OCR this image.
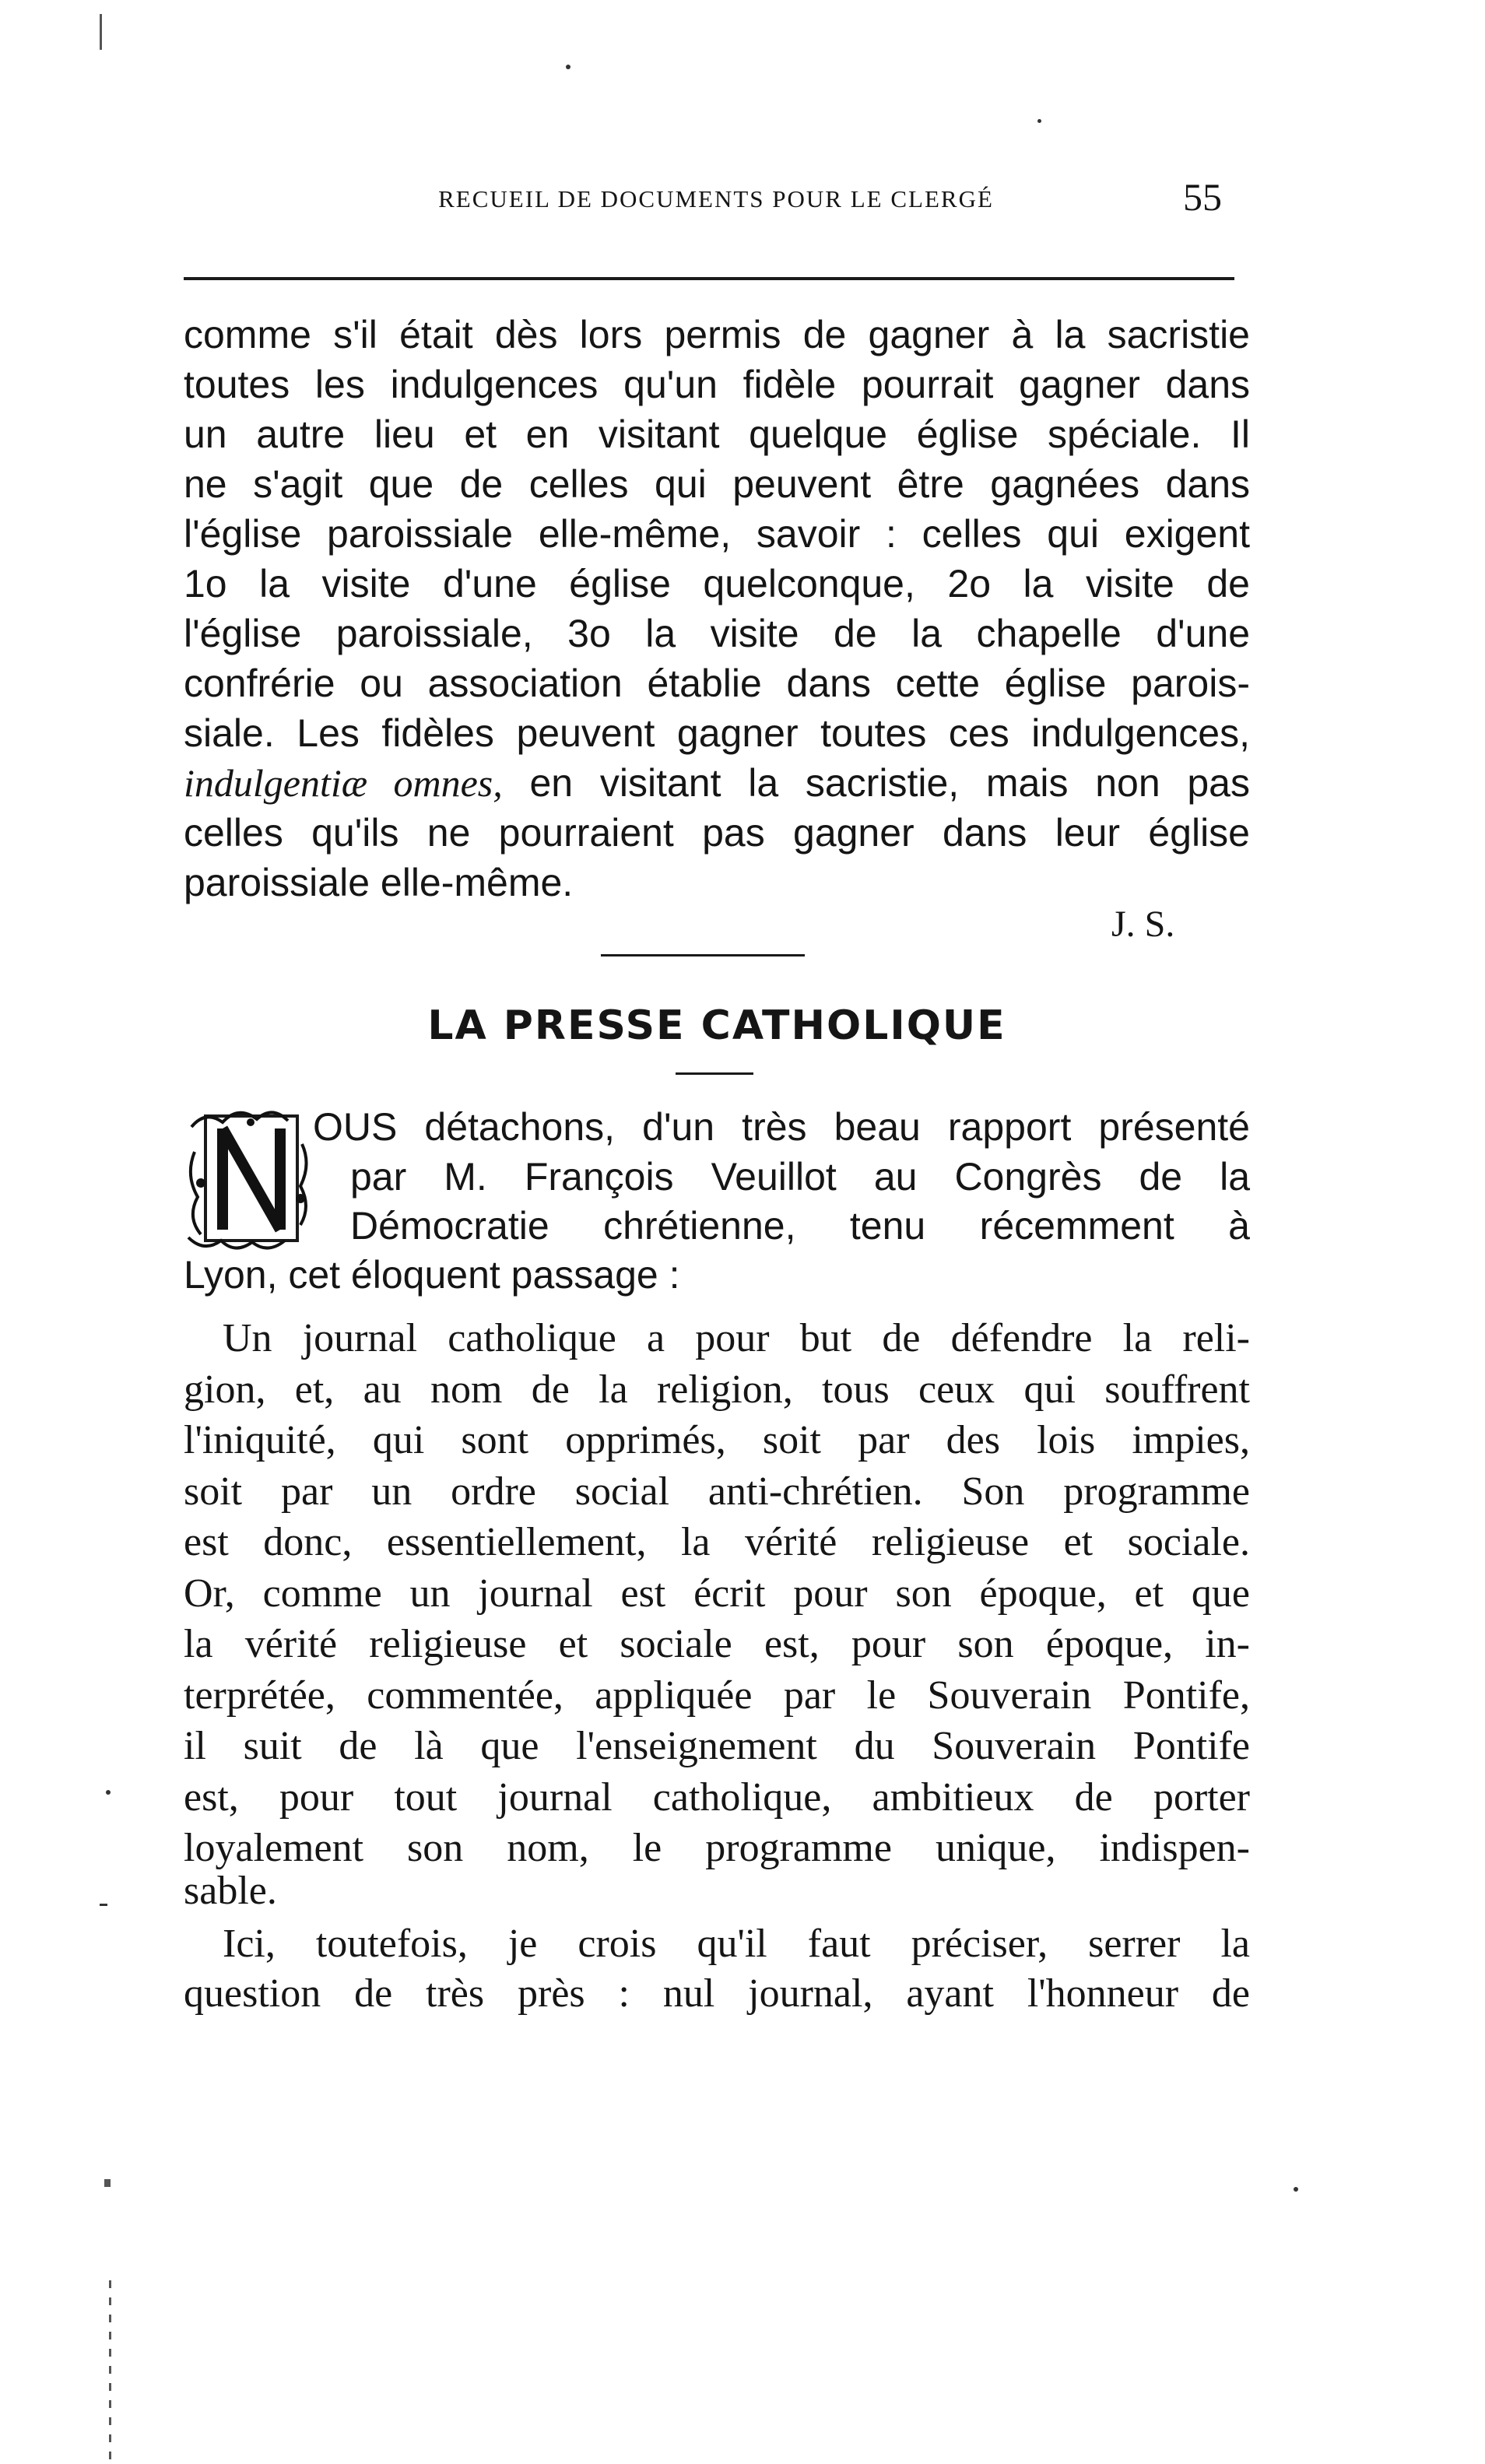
RECUEIL DE DOCUMENTS POUR LE CLERGÉ	55
comme s'il était dès lors permis de gagner à la sacristie
toutes les indulgences qu'un fidèle pourrait gagner dans
un autre lieu et en visitant quelque église spéciale. Il
ne s'agit que de celles qui peuvent être gagnées dans
l'église paroissiale elle-même, savoir : celles qui exigent
1o la visite d'une église quelconque, 2o la visite de
l'église paroissiale, 3o la visite de la chapelle d'une
confrérie ou association établie dans cette église parois-
siale. Les fidèles peuvent gagner toutes ces indulgences,
indulgentiæ omnes, en visitant la sacristie, mais non pas
celles qu'ils ne pourraient pas gagner dans leur église
paroissiale elle-même.
J. S.
LA PRESSE CATHOLIQUE
OUS détachons, d'un très beau rapport présenté
par M. François Veuillot au Congrès de la
Démocratie chrétienne, tenu récemment à
Lyon, cet éloquent passage :
Un journal catholique a pour but de défendre la reli-
gion, et, au nom de la religion, tous ceux qui souffrent
l'iniquité, qui sont opprimés, soit par des lois impies,
soit par un ordre social anti-chrétien. Son programme
est donc, essentiellement, la vérité religieuse et sociale.
Or, comme un journal est écrit pour son époque, et que
la vérité religieuse et sociale est, pour son époque, in-
terprétée, commentée, appliquée par le Souverain Pontife,
il suit de là que l'enseignement du Souverain Pontife
est, pour tout journal catholique, ambitieux de porter
loyalement son nom, le programme unique, indispen-
sable.
Ici, toutefois, je crois qu'il faut préciser, serrer la
question de très près : nul journal, ayant l'honneur de
